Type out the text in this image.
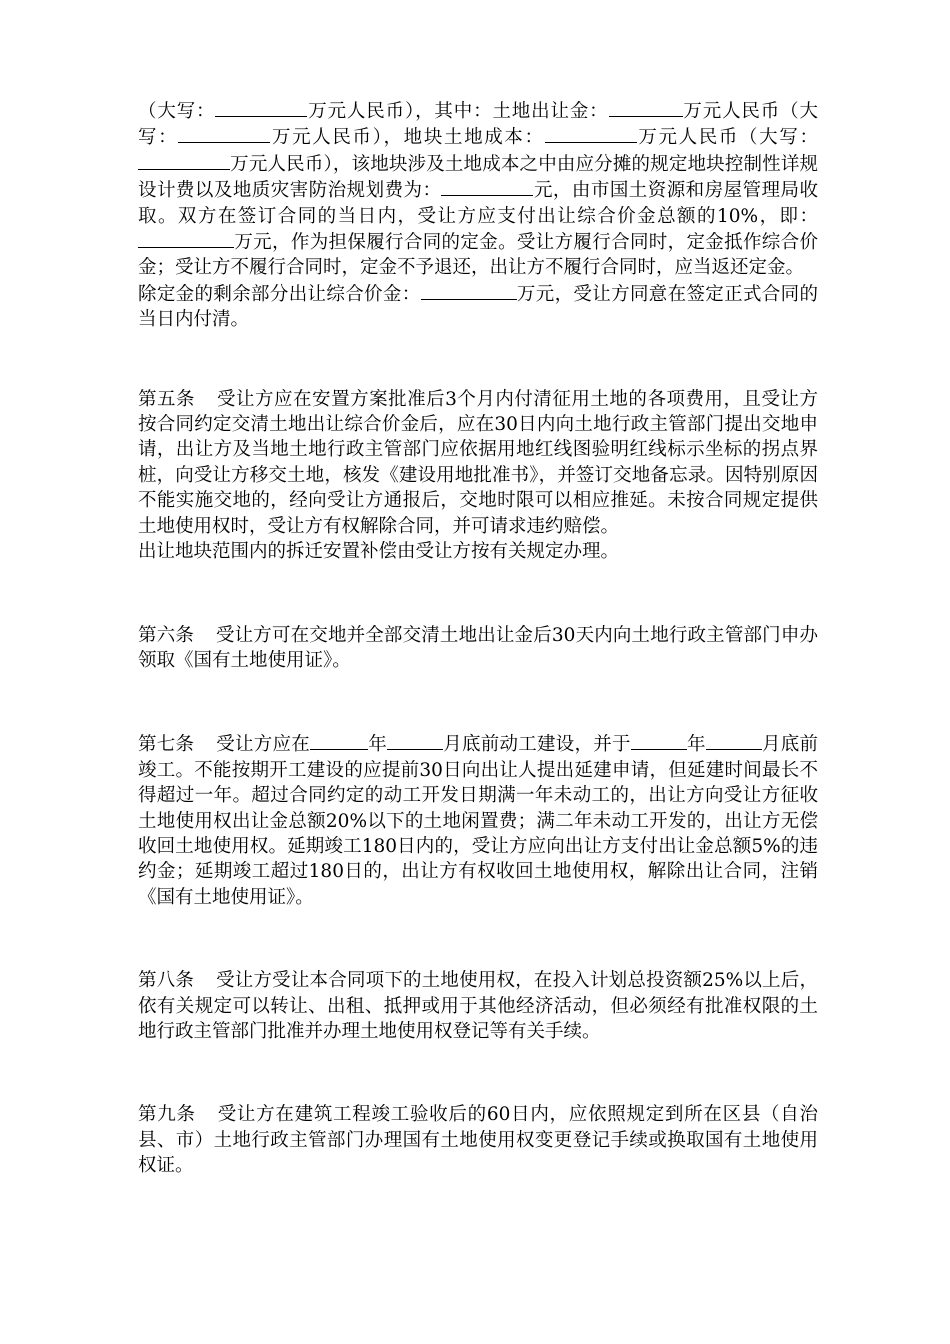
（大写：	万元人民币），其中：土地出让金：	万元人民币（大写：	万元人民币），地块土地成本：	万元人民币（大写：万元人民币），该地块涉及土地成本之中由应分摊的规定地块控制性详规设计费以及地质灾害防治规划费为：	元，由市国土资源和房屋管理局收取。双方在签订合同的当日内，受让方应支付出让综合价金总额的10%，即：万元，作为担保履行合同的定金。受让方履行合同时，定金抵作综合价金；受让方不履行合同时，定金不予退还，出让方不履行合同时，应当返还定金。

除定金的剩余部分出让综合价金：	万元，受让方同意在签定正式合同的当日内付清。

第五条 受让方应在安置方案批准后3个月内付清征用土地的各项费用，且受让方按合同约定交清土地出让综合价金后，应在30日内向土地行政主管部门提出交地申请，出让方及当地土地行政主管部门应依据用地红线图验明红线标示坐标的拐点界桩，向受让方移交土地，核发《建设用地批准书》，并签订交地备忘录。因特别原因不能实施交地的，经向受让方通报后，交地时限可以相应推延。未按合同规定提供土地使用权时，受让方有权解除合同，并可请求违约赔偿。

出让地块范围内的拆迁安置补偿由受让方按有关规定办理。

第六条 受让方可在交地并全部交清土地出让金后30天内向土地行政主管部门申办领取《国有土地使用证》。

第七条 受让方应在	年	月底前动工建设，并于	年	月底前竣工。不能按期开工建设的应提前30日向出让人提出延建申请，但延建时间最长不得超过一年。超过合同约定的动工开发日期满一年未动工的，出让方向受让方征收土地使用权出让金总额20%以下的土地闲置费；满二年未动工开发的，出让方无偿收回土地使用权。延期竣工180日内的，受让方应向出让方支付出让金总额5%的违约金；延期竣工超过180日的，出让方有权收回土地使用权，解除出让合同，注销《国有土地使用证》。

第八条 受让方受让本合同项下的土地使用权，在投入计划总投资额25%以上后，依有关规定可以转让、出租、抵押或用于其他经济活动，但必须经有批准权限的土地行政主管部门批准并办理土地使用权登记等有关手续。

第九条 受让方在建筑工程竣工验收后的60日内，应依照规定到所在区县（自治县、市）土地行政主管部门办理国有土地使用权变更登记手续或换取国有土地使用权证。
